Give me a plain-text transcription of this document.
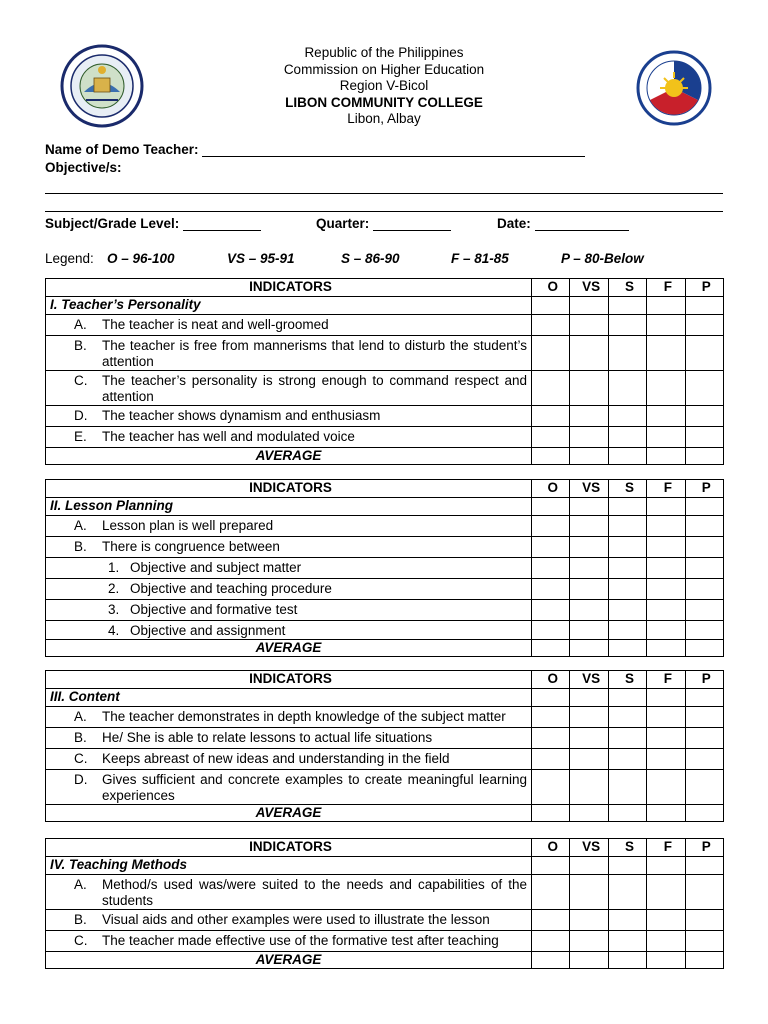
Republic of the Philippines
Commission on Higher Education
Region V-Bicol
LIBON COMMUNITY COLLEGE
Libon, Albay
Name of Demo Teacher:
Objective/s:
Subject/Grade Level:	Quarter:	Date:
Legend: O – 96-100	VS – 95-91	S – 86-90	F – 81-85	P – 80-Below
INDICATORS	O	VS	S	F	P
I. Teacher’s Personality					

A. The teacher is neat and well-groomed					

B. The teacher is free from mannerisms that lend to disturb the student’s attention					

C. The teacher’s personality is strong enough to command respect and attention					

D. The teacher shows dynamism and enthusiasm					

E. The teacher has well and modulated voice					

AVERAGE					
INDICATORS	O	VS	S	F	P
II. Lesson Planning					

A. Lesson plan is well prepared					

B. There is congruence between					

1. Objective and subject matter					

2. Objective and teaching procedure					

3. Objective and formative test					

4. Objective and assignment					

AVERAGE					
INDICATORS	O	VS	S	F	P
III. Content					

A. The teacher demonstrates in depth knowledge of the subject matter					

B. He/ She is able to relate lessons to actual life situations					

C. Keeps abreast of new ideas and understanding in the field					

D. Gives sufficient and concrete examples to create meaningful learning experiences					

AVERAGE					
INDICATORS	O	VS	S	F	P
IV. Teaching Methods					

A. Method/s used was/were suited to the needs and capabilities of the students					

B. Visual aids and other examples were used to illustrate the lesson					

C. The teacher made effective use of the formative test after teaching					

AVERAGE					
